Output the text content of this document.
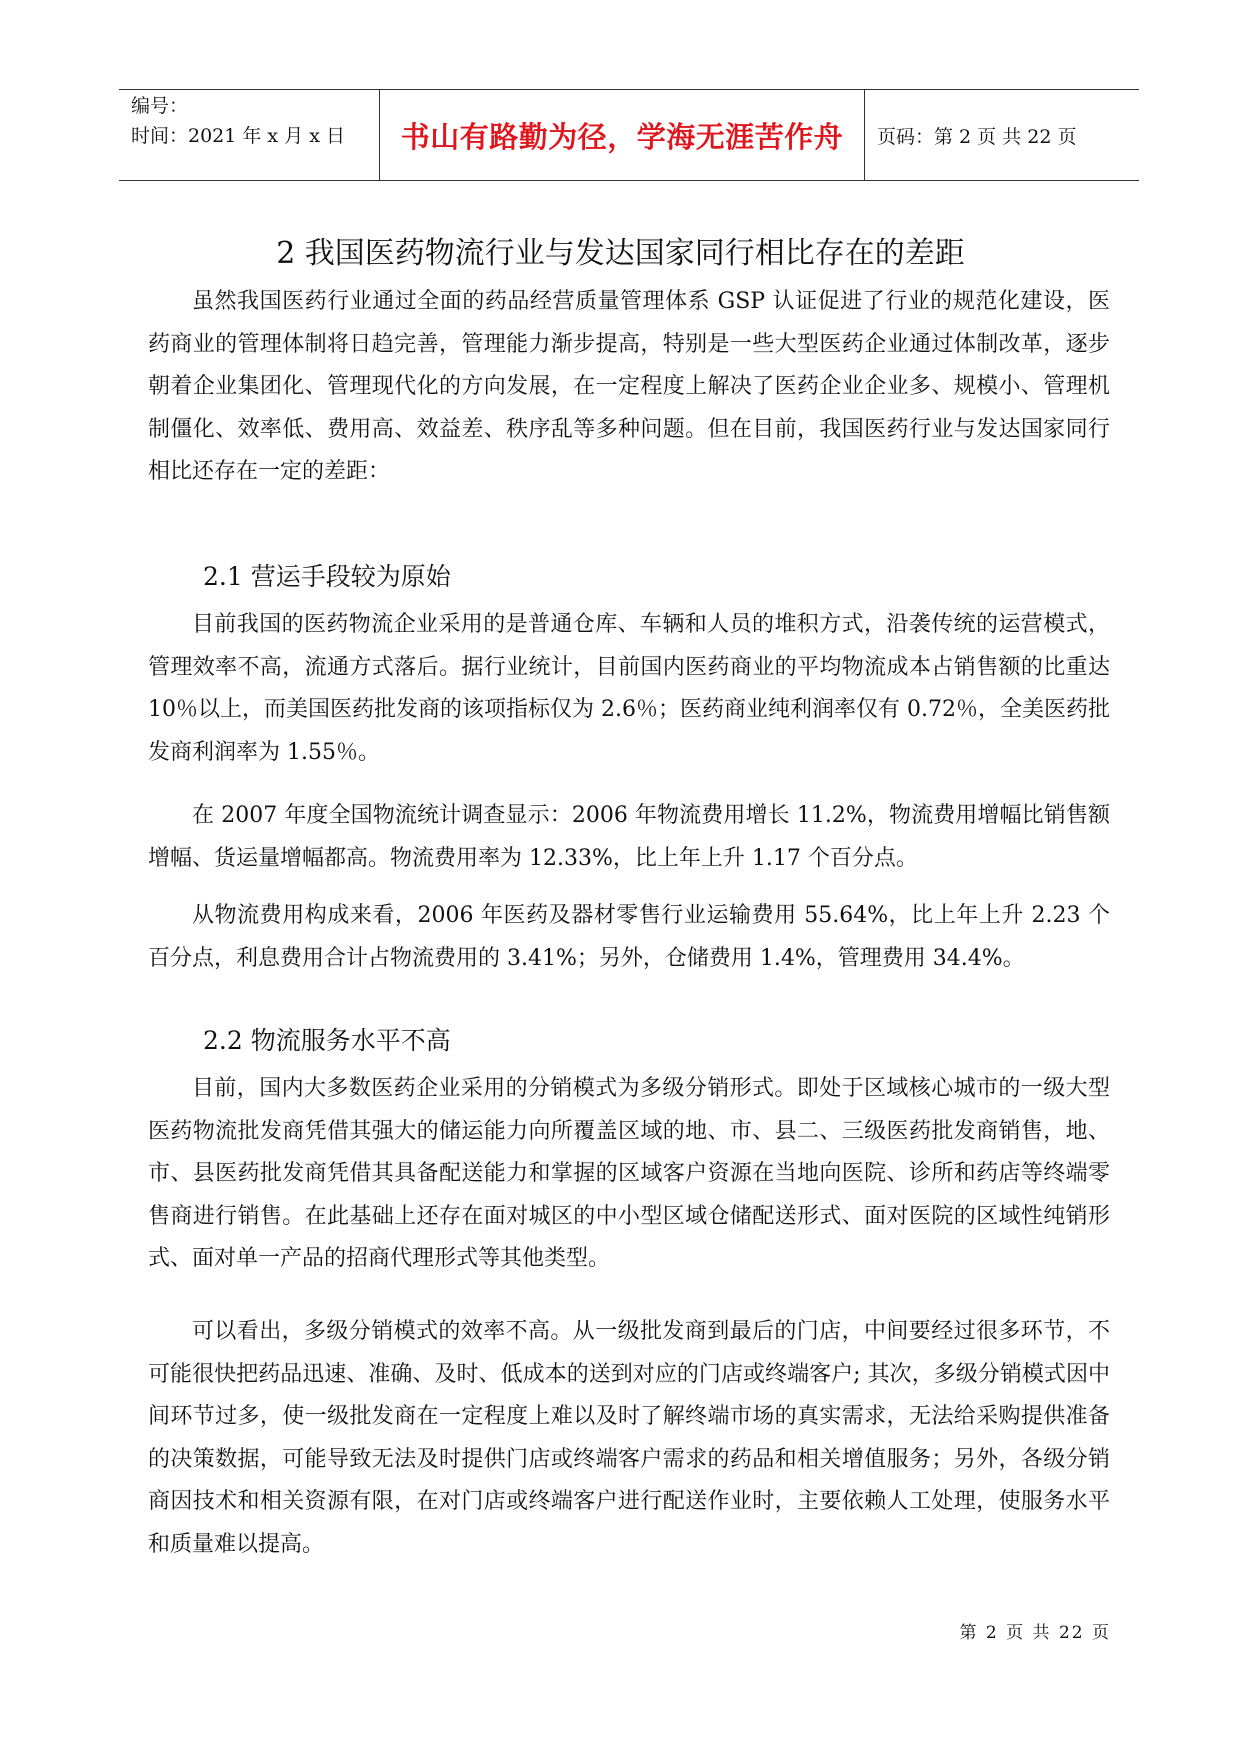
编号：
时间：2021 年 x 月 x 日	书山有路勤为径，学海无涯苦作舟 页码：第 2 页 共 22 页
2 我国医药物流行业与发达国家同行相比存在的差距

虽然我国医药行业通过全面的药品经营质量管理体系 GSP 认证促进了行业的规范化建设，医药商业的管理体制将日趋完善，管理能力渐步提高，特别是一些大型医药企业通过体制改革，逐步朝着企业集团化、管理现代化的方向发展，在一定程度上解决了医药企业企业多、规模小、管理机制僵化、效率低、费用高、效益差、秩序乱等多种问题。但在目前，我国医药行业与发达国家同行相比还存在一定的差距：

2.1 营运手段较为原始

目前我国的医药物流企业采用的是普通仓库、车辆和人员的堆积方式，沿袭传统的运营模式，管理效率不高，流通方式落后。据行业统计，目前国内医药商业的平均物流成本占销售额的比重达 10％以上，而美国医药批发商的该项指标仅为 2.6％；医药商业纯利润率仅有 0.72％，全美医药批发商利润率为 1.55％。

在 2007 年度全国物流统计调查显示：2006 年物流费用增长 11.2%，物流费用增幅比销售额增幅、货运量增幅都高。物流费用率为 12.33%，比上年上升 1.17 个百分点。

从物流费用构成来看，2006 年医药及器材零售行业运输费用 55.64%，比上年上升 2.23 个百分点，利息费用合计占物流费用的 3.41%；另外，仓储费用 1.4%，管理费用 34.4%。

2.2 物流服务水平不高

目前，国内大多数医药企业采用的分销模式为多级分销形式。即处于区域核心城市的一级大型医药物流批发商凭借其强大的储运能力向所覆盖区域的地、市、县二、三级医药批发商销售，地、市、县医药批发商凭借其具备配送能力和掌握的区域客户资源在当地向医院、诊所和药店等终端零售商进行销售。在此基础上还存在面对城区的中小型区域仓储配送形式、面对医院的区域性纯销形式、面对单一产品的招商代理形式等其他类型。

可以看出，多级分销模式的效率不高。从一级批发商到最后的门店，中间要经过很多环节，不可能很快把药品迅速、准确、及时、低成本的送到对应的门店或终端客户; 其次，多级分销模式因中间环节过多，使一级批发商在一定程度上难以及时了解终端市场的真实需求，无法给采购提供准备的决策数据，可能导致无法及时提供门店或终端客户需求的药品和相关增值服务；另外，各级分销商因技术和相关资源有限，在对门店或终端客户进行配送作业时，主要依赖人工处理，使服务水平和质量难以提高。

第 2 页 共 22 页
